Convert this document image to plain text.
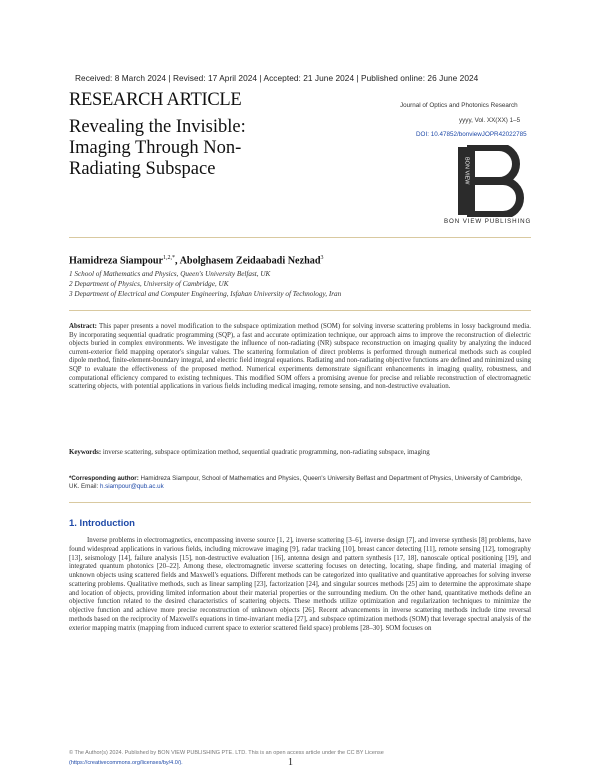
Received: 8 March 2024 | Revised: 17 April 2024 | Accepted: 21 June 2024 | Published online: 26 June 2024
RESEARCH ARTICLE
Revealing the Invisible: Imaging Through Non-Radiating Subspace
Journal of Optics and Photonics Research
yyyy, Vol. XX(XX) 1–5
DOI: 10.47852/bonviewJOPR42022785
BON VIEW
BON VIEW PUBLISHING
Hamidreza Siampour$^{1,2,*}$, Abolghasem Zeidaabadi Nezhad$^3$
1 School of Mathematics and Physics, Queen's University Belfast, UK
2 Department of Physics, University of Cambridge, UK
3 Department of Electrical and Computer Engineering, Isfahan University of Technology, Iran
Abstract: This paper presents a novel modification to the subspace optimization method (SOM) for solving inverse scattering problems in lossy background media. By incorporating sequential quadratic programming (SQP), a fast and accurate optimization technique, our approach aims to improve the reconstruction of dielectric objects buried in complex environments. We investigate the influence of non-radiating (NR) subspace reconstruction on imaging quality by analyzing the induced current-exterior field mapping operator's singular values. The scattering formulation of direct problems is performed through numerical methods such as coupled dipole method, finite-element-boundary integral, and electric field integral equations. Radiating and non-radiating objective functions are defined and minimized using SQP to evaluate the effectiveness of the proposed method. Numerical experiments demonstrate significant enhancements in imaging quality, robustness, and computational efficiency compared to existing techniques. This modified SOM offers a promising avenue for precise and reliable reconstruction of electromagnetic scattering objects, with potential applications in various fields including medical imaging, remote sensing, and non-destructive evaluation.
Keywords: inverse scattering, subspace optimization method, sequential quadratic programming, non-radiating subspace, imaging
*Corresponding author: Hamidreza Siampour, School of Mathematics and Physics, Queen's University Belfast and Department of Physics, University of Cambridge, UK. Email: h.siampour@qub.ac.uk
1. Introduction
Inverse problems in electromagnetics, encompassing inverse source [1, 2], inverse scattering [3–6], inverse design [7], and inverse synthesis [8] problems, have found widespread applications in various fields, including microwave imaging [9], radar tracking [10], breast cancer detecting [11], remote sensing [12], tomography [13], seismology [14], failure analysis [15], non-destructive evaluation [16], antenna design and pattern synthesis [17, 18], nanoscale optical positioning [19], and integrated quantum photonics [20–22]. Among these, electromagnetic inverse scattering focuses on detecting, locating, shape finding, and material imaging of unknown objects using scattered fields and Maxwell's equations. Different methods can be categorized into qualitative and quantitative approaches for solving inverse scattering problems. Qualitative methods, such as linear sampling [23], factorization [24], and singular sources methods [25] aim to determine the approximate shape and location of objects, providing limited information about their material properties or the surrounding medium. On the other hand, quantitative methods define an objective function related to the desired characteristics of scattering objects. These methods utilize optimization and regularization techniques to minimize the objective function and achieve more precise reconstruction of unknown objects [26]. Recent advancements in inverse scattering methods include time reversal methods based on the reciprocity of Maxwell's equations in time-invariant media [27], and subspace optimization methods (SOM) that leverage spectral analysis of the exterior mapping matrix (mapping from induced current space to exterior scattered field space) problems [28–30]. SOM focuses on
© The Author(s) 2024. Published by BON VIEW PUBLISHING PTE. LTD. This is an open access article under the CC BY License
(https://creativecommons.org/licenses/by/4.0/).	1
